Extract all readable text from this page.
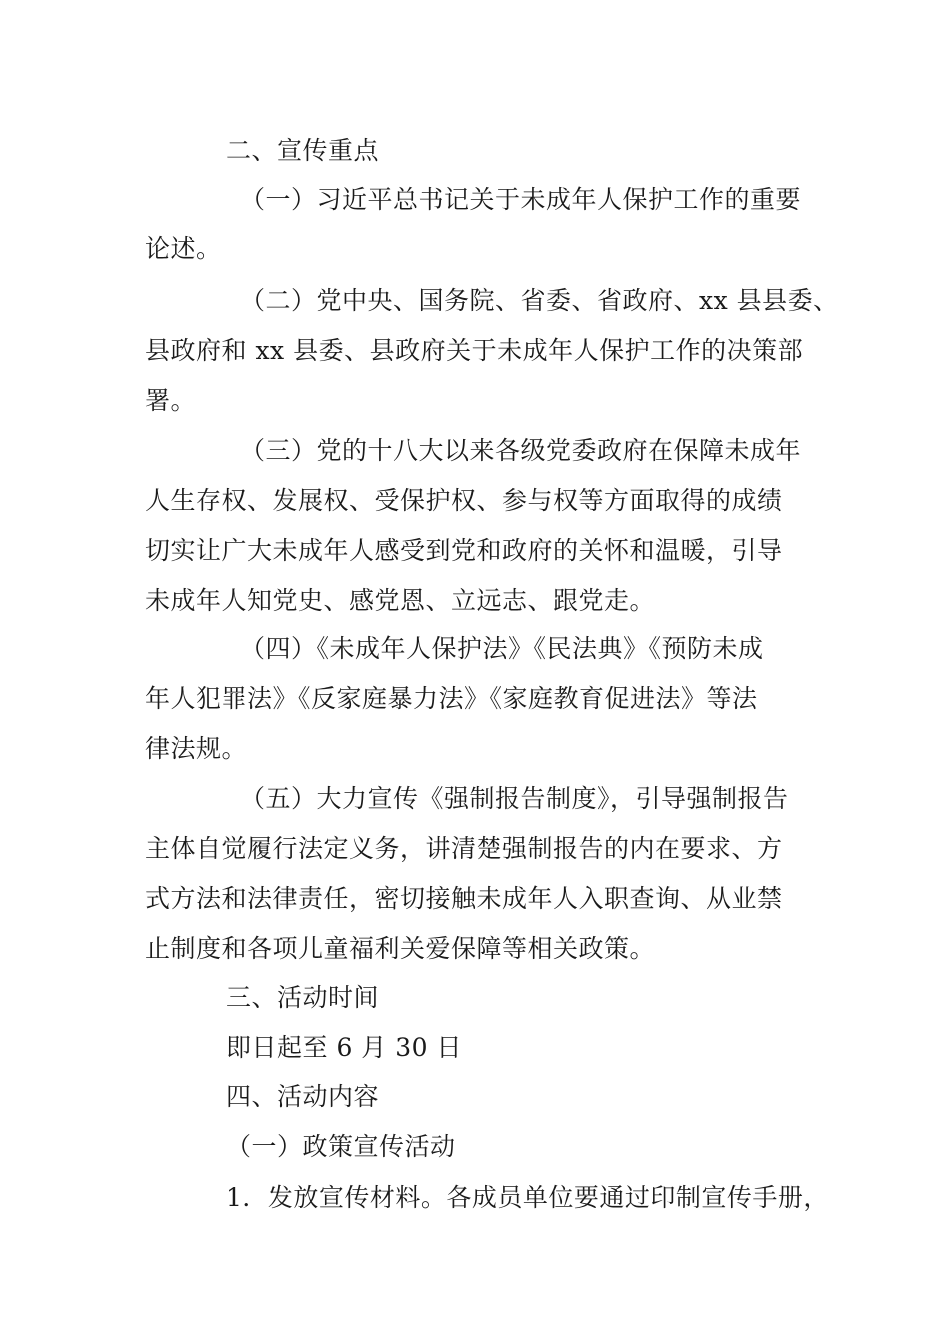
二、宣传重点
（一）习近平总书记关于未成年人保护工作的重要
论述。
（二）党中央、国务院、省委、省政府、xx 县县委、
县政府和 xx 县委、县政府关于未成年人保护工作的决策部
署。
（三）党的十八大以来各级党委政府在保障未成年
人生存权、发展权、受保护权、参与权等方面取得的成绩
切实让广大未成年人感受到党和政府的关怀和温暖，引导
未成年人知党史、感党恩、立远志、跟党走。
（四）《未成年人保护法》《民法典》《预防未成
年人犯罪法》《反家庭暴力法》《家庭教育促进法》等法
律法规。
（五）大力宣传《强制报告制度》，引导强制报告
主体自觉履行法定义务，讲清楚强制报告的内在要求、方
式方法和法律责任，密切接触未成年人入职查询、从业禁
止制度和各项儿童福利关爱保障等相关政策。
三、活动时间
即日起至 6 月 30 日
四、活动内容
（一）政策宣传活动
1．发放宣传材料。各成员单位要通过印制宣传手册，
